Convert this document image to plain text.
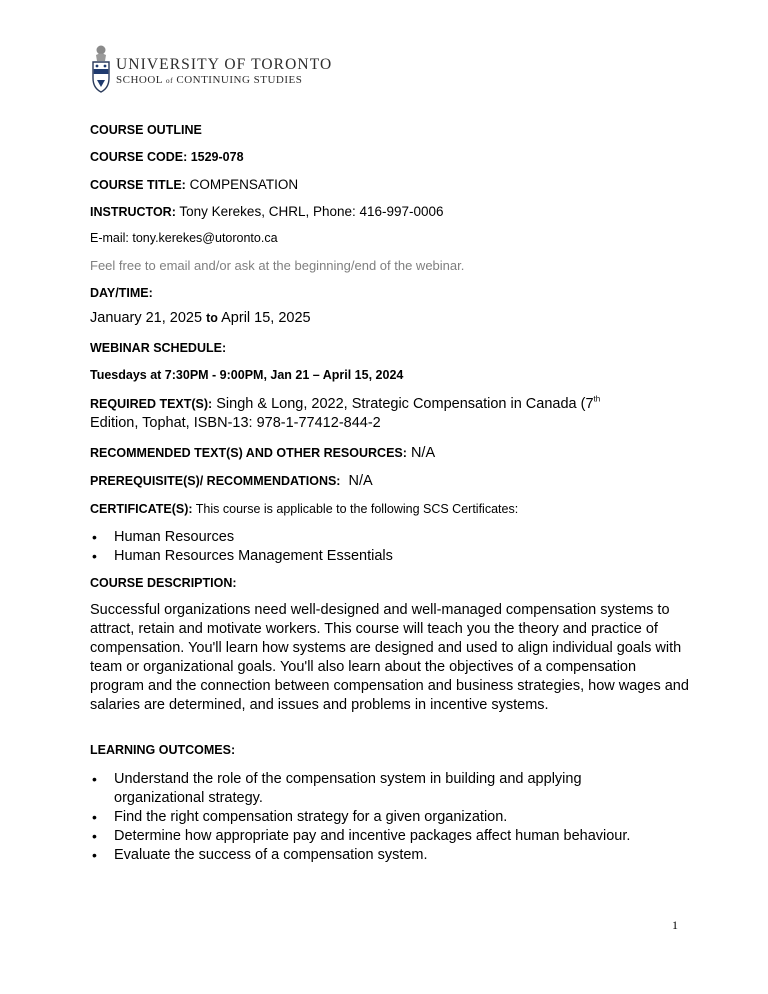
UNIVERSITY OF TORONTO
SCHOOL of CONTINUING STUDIES
COURSE OUTLINE
COURSE CODE: 1529-078
COURSE TITLE: COMPENSATION
INSTRUCTOR: Tony Kerekes, CHRL, Phone: 416-997-0006
E-mail: tony.kerekes@utoronto.ca
Feel free to email and/or ask at the beginning/end of the webinar.
DAY/TIME:
January 21, 2025 to April 15, 2025
WEBINAR SCHEDULE:
Tuesdays at 7:30PM - 9:00PM, Jan 21 – April 15, 2024
REQUIRED TEXT(S): Singh & Long, 2022, Strategic Compensation in Canada (7th
Edition, Tophat, ISBN-13: 978-1-77412-844-2
RECOMMENDED TEXT(S) AND OTHER RESOURCES: N/A
PREREQUISITE(S)/ RECOMMENDATIONS:  N/A
CERTIFICATE(S): This course is applicable to the following SCS Certificates:
• Human Resources
• Human Resources Management Essentials
COURSE DESCRIPTION:
Successful organizations need well-designed and well-managed compensation systems to attract, retain and motivate workers. This course will teach you the theory and practice of compensation. You'll learn how systems are designed and used to align individual goals with team or organizational goals. You'll also learn about the objectives of a compensation program and the connection between compensation and business strategies, how wages and salaries are determined, and issues and problems in incentive systems.
LEARNING OUTCOMES:
• Understand the role of the compensation system in building and applying organizational strategy.
• Find the right compensation strategy for a given organization.
• Determine how appropriate pay and incentive packages affect human behaviour.
• Evaluate the success of a compensation system.
1
